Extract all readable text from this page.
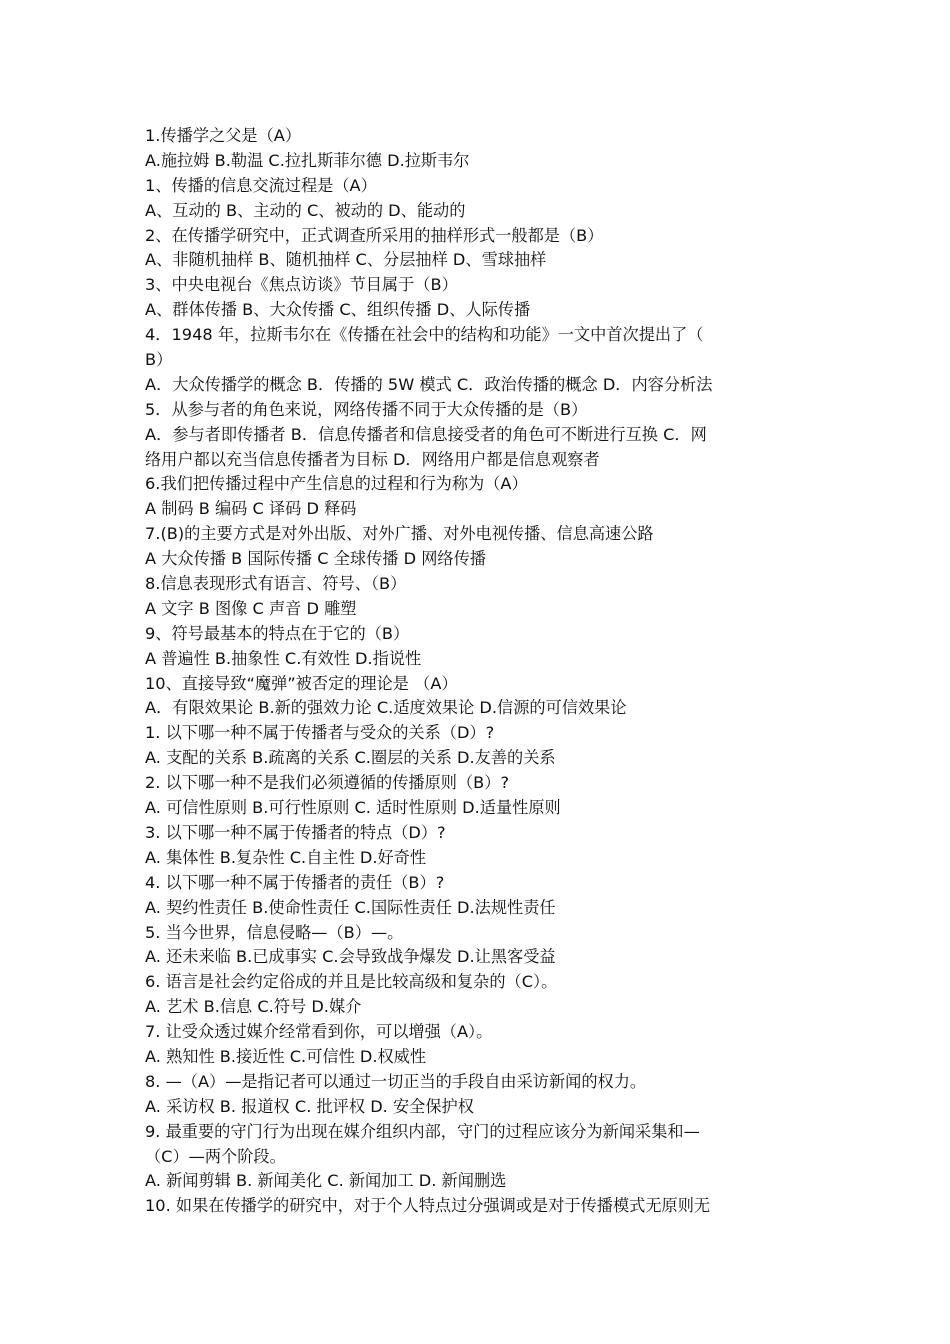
1.传播学之父是（A）
A.施拉姆 B.勒温 C.拉扎斯菲尔德 D.拉斯韦尔
1、传播的信息交流过程是（A）
A、互动的 B、主动的 C、被动的 D、能动的
2、在传播学研究中，正式调查所采用的抽样形式一般都是（B）
A、非随机抽样 B、随机抽样 C、分层抽样 D、雪球抽样
3、中央电视台《焦点访谈》节目属于（B）
A、群体传播 B、大众传播 C、组织传播 D、人际传播
4．1948 年，拉斯韦尔在《传播在社会中的结构和功能》一文中首次提出了（
B）
A．大众传播学的概念 B．传播的 5W 模式 C．政治传播的概念 D．内容分析法
5．从参与者的角色来说，网络传播不同于大众传播的是（B）
A．参与者即传播者 B．信息传播者和信息接受者的角色可不断进行互换 C．网
络用户都以充当信息传播者为目标 D．网络用户都是信息观察者
6.我们把传播过程中产生信息的过程和行为称为（A）
A 制码 B 编码 C 译码 D 释码
7.(B)的主要方式是对外出版、对外广播、对外电视传播、信息高速公路
A 大众传播 B 国际传播 C 全球传播 D 网络传播
8.信息表现形式有语言、符号、（B）
A 文字 B 图像 C 声音 D 雕塑
9、符号最基本的特点在于它的（B）
A 普遍性 B.抽象性 C.有效性 D.指说性
10、直接导致“魔弹”被否定的理论是 （A）
A．有限效果论 B.新的强效力论 C.适度效果论 D.信源的可信效果论
1. 以下哪一种不属于传播者与受众的关系（D）?
A. 支配的关系 B.疏离的关系 C.圈层的关系 D.友善的关系
2. 以下哪一种不是我们必须遵循的传播原则（B）?
A. 可信性原则 B.可行性原则 C. 适时性原则 D.适量性原则
3. 以下哪一种不属于传播者的特点（D）?
A. 集体性 B.复杂性 C.自主性 D.好奇性
4. 以下哪一种不属于传播者的责任（B）?
A. 契约性责任 B.使命性责任 C.国际性责任 D.法规性责任
5. 当今世界，信息侵略—（B）—。
A. 还未来临 B.已成事实 C.会导致战争爆发 D.让黑客受益
6. 语言是社会约定俗成的并且是比较高级和复杂的（C）。
A. 艺术 B.信息 C.符号 D.媒介
7. 让受众透过媒介经常看到你，可以增强（A）。
A. 熟知性 B.接近性 C.可信性 D.权威性
8. —（A）—是指记者可以通过一切正当的手段自由采访新闻的权力。
A. 采访权 B. 报道权 C. 批评权 D. 安全保护权
9. 最重要的守门行为出现在媒介组织内部，守门的过程应该分为新闻采集和—
（C）—两个阶段。
A. 新闻剪辑 B. 新闻美化 C. 新闻加工 D. 新闻删选
10. 如果在传播学的研究中，对于个人特点过分强调或是对于传播模式无原则无
